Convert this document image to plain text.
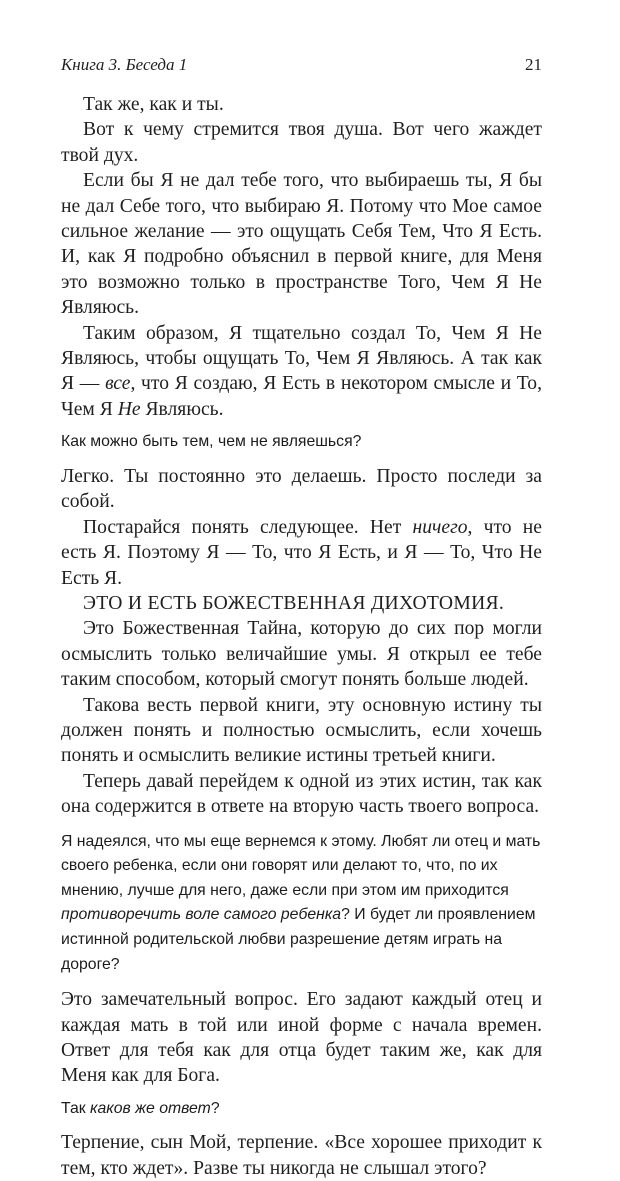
Книга 3. Беседа 1	21

Так же, как и ты.

Вот к чему стремится твоя душа. Вот чего жаждет твой дух.

Если бы Я не дал тебе того, что выбираешь ты, Я бы не дал Себе того, что выбираю Я. Потому что Мое самое сильное желание — это ощущать Себя Тем, Что Я Есть. И, как Я подробно объяснил в первой книге, для Меня это возможно только в пространстве Того, Чем Я Не Являюсь.

Таким образом, Я тщательно создал То, Чем Я Не Являюсь, чтобы ощущать То, Чем Я Являюсь. А так как Я — все, что Я создаю, Я Есть в некотором смысле и То, Чем Я Не Являюсь.

Как можно быть тем, чем не являешься?

Легко. Ты постоянно это делаешь. Просто последи за собой.

Постарайся понять следующее. Нет ничего, что не есть Я. Поэтому Я — То, что Я Есть, и Я — То, Что Не Есть Я.

ЭТО И ЕСТЬ БОЖЕСТВЕННАЯ ДИХОТОМИЯ.

Это Божественная Тайна, которую до сих пор могли осмыслить только величайшие умы. Я открыл ее тебе таким способом, который смогут понять больше людей.

Такова весть первой книги, эту основную истину ты должен понять и полностью осмыслить, если хочешь понять и осмыслить великие истины третьей книги.

Теперь давай перейдем к одной из этих истин, так как она содержится в ответе на вторую часть твоего вопроса.

Я надеялся, что мы еще вернемся к этому. Любят ли отец и мать своего ребенка, если они говорят или делают то, что, по их мнению, лучше для него, даже если при этом им приходится противоречить воле самого ребенка? И будет ли проявлением истинной родительской любви разрешение детям играть на дороге?

Это замечательный вопрос. Его задают каждый отец и каждая мать в той или иной форме с начала времен. Ответ для тебя как для отца будет таким же, как для Меня как для Бога.

Так каков же ответ?

Терпение, сын Мой, терпение. «Все хорошее приходит к тем, кто ждет». Разве ты никогда не слышал этого?
